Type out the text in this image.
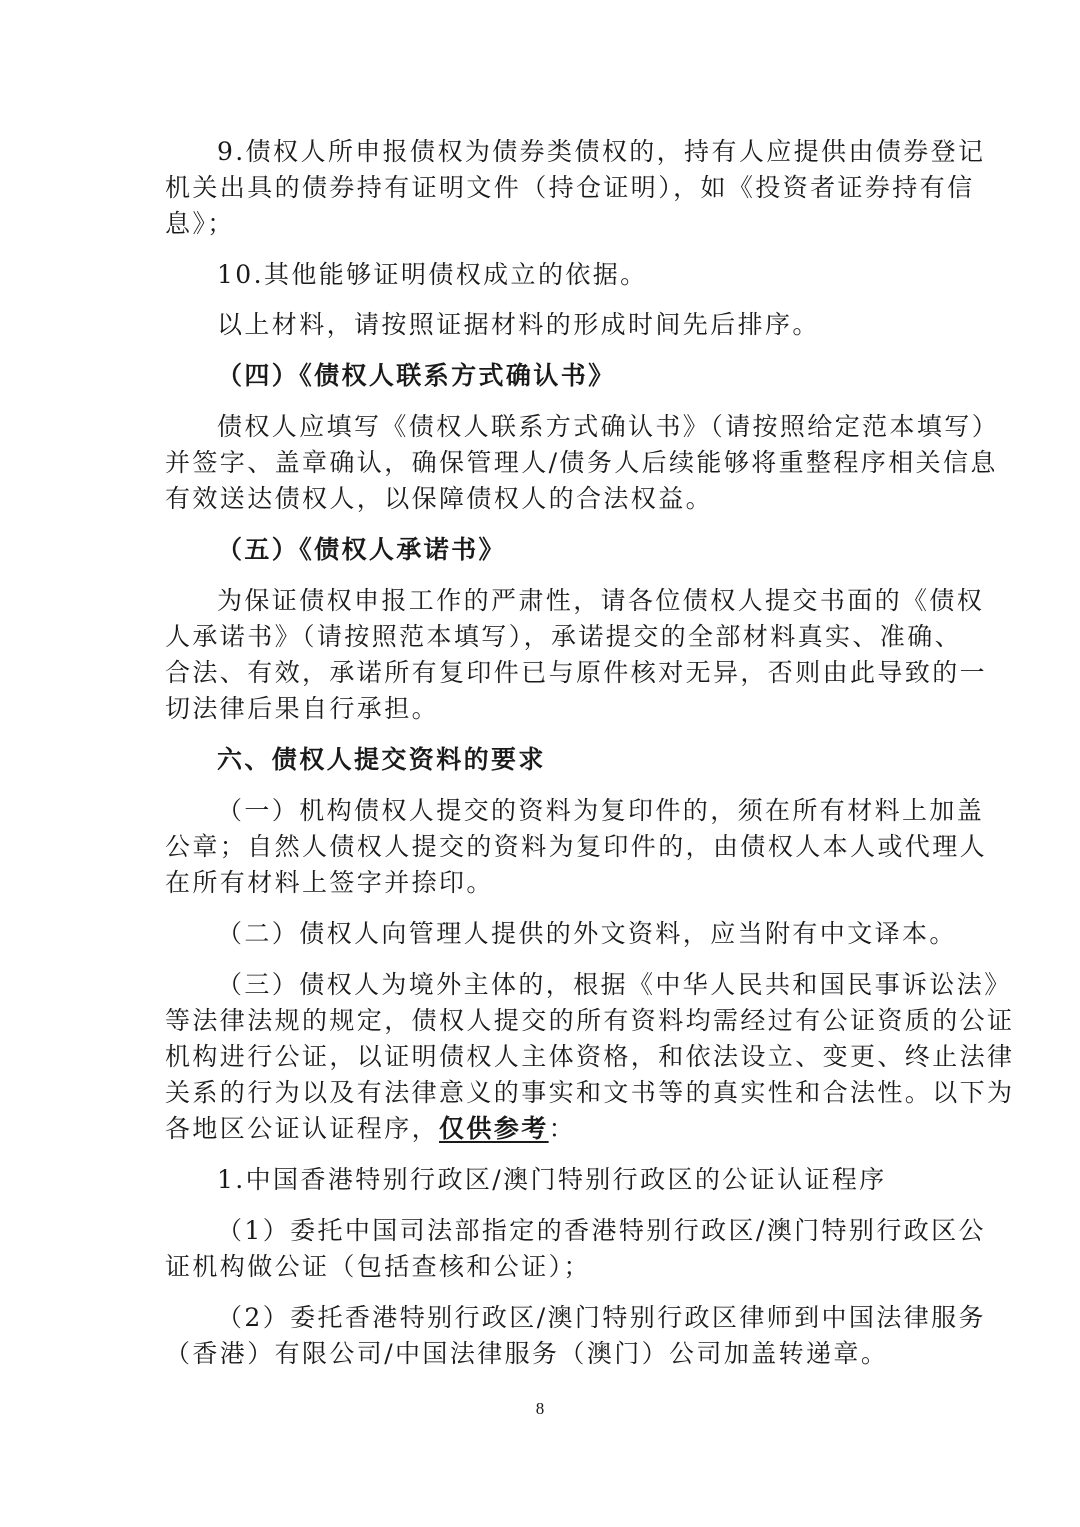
9.债权人所申报债权为债券类债权的，持有人应提供由债券登记
机关出具的债券持有证明文件（持仓证明），如《投资者证券持有信
息》；
10.其他能够证明债权成立的依据。
以上材料，请按照证据材料的形成时间先后排序。
（四）《债权人联系方式确认书》
债权人应填写《债权人联系方式确认书》（请按照给定范本填写）
并签字、盖章确认，确保管理人/债务人后续能够将重整程序相关信息
有效送达债权人，以保障债权人的合法权益。
（五）《债权人承诺书》
为保证债权申报工作的严肃性，请各位债权人提交书面的《债权
人承诺书》（请按照范本填写），承诺提交的全部材料真实、准确、
合法、有效，承诺所有复印件已与原件核对无异，否则由此导致的一
切法律后果自行承担。
六、债权人提交资料的要求
（一）机构债权人提交的资料为复印件的，须在所有材料上加盖
公章；自然人债权人提交的资料为复印件的，由债权人本人或代理人
在所有材料上签字并捺印。
（二）债权人向管理人提供的外文资料，应当附有中文译本。
（三）债权人为境外主体的，根据《中华人民共和国民事诉讼法》
等法律法规的规定，债权人提交的所有资料均需经过有公证资质的公证
机构进行公证，以证明债权人主体资格，和依法设立、变更、终止法律
关系的行为以及有法律意义的事实和文书等的真实性和合法性。以下为
各地区公证认证程序，仅供参考：
1.中国香港特别行政区/澳门特别行政区的公证认证程序
（1）委托中国司法部指定的香港特别行政区/澳门特别行政区公
证机构做公证（包括查核和公证）；
（2）委托香港特别行政区/澳门特别行政区律师到中国法律服务
（香港）有限公司/中国法律服务（澳门）公司加盖转递章。
8
